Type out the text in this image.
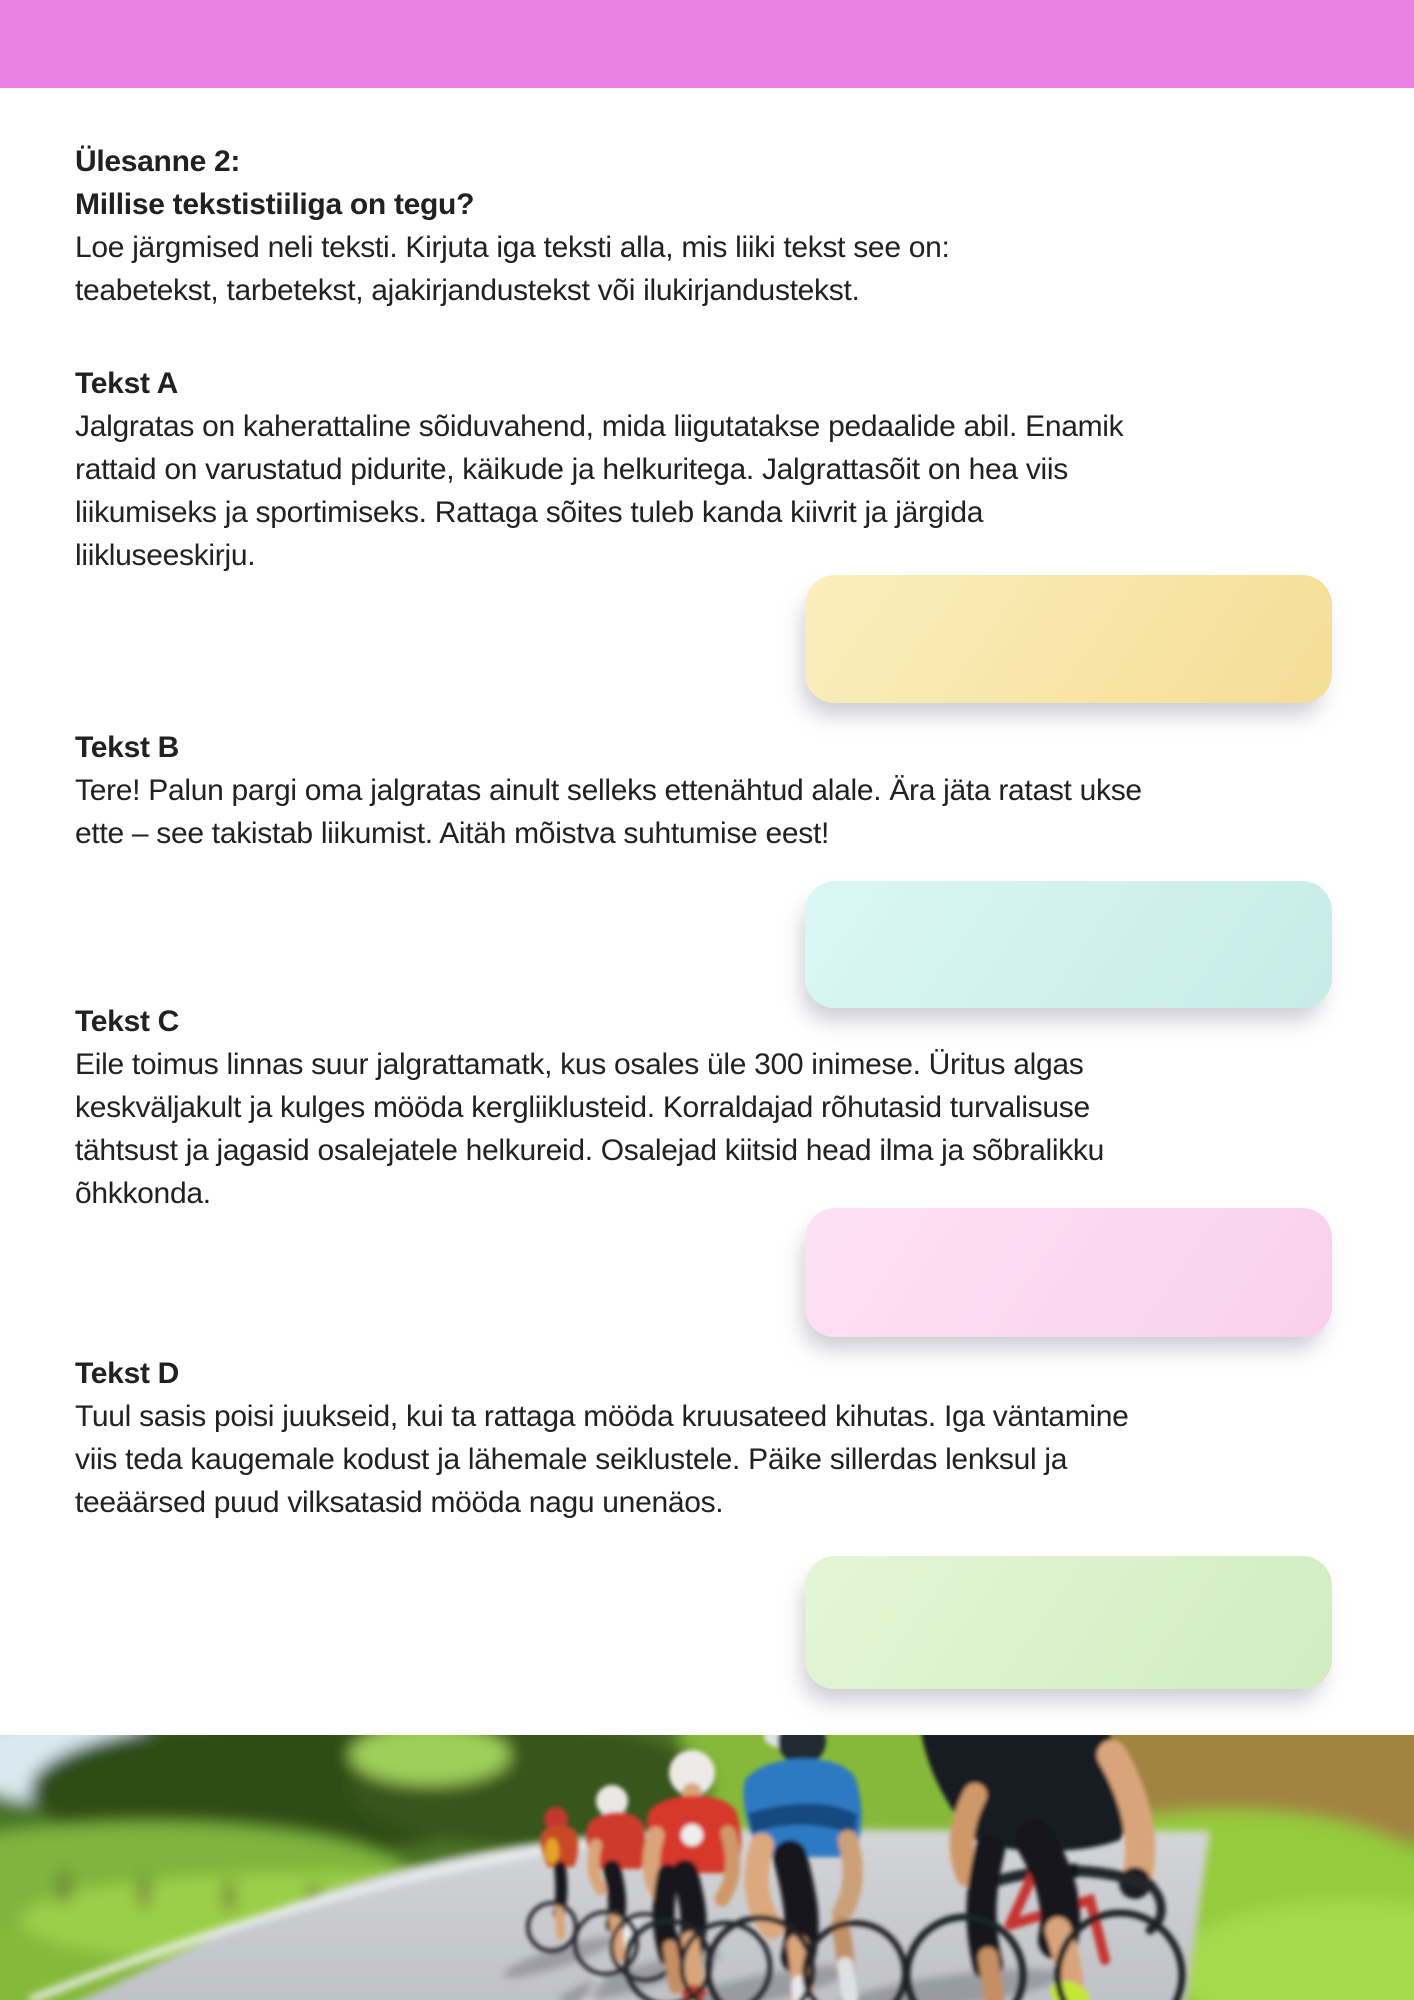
Ülesanne 2:
Millise tekstistiiliga on tegu?
Loe järgmised neli teksti. Kirjuta iga teksti alla, mis liiki tekst see on:
teabetekst, tarbetekst, ajakirjandustekst või ilukirjandustekst.
Tekst A
Jalgratas on kaherattaline sõiduvahend, mida liigutatakse pedaalide abil. Enamik
rattaid on varustatud pidurite, käikude ja helkuritega. Jalgrattasõit on hea viis
liikumiseks ja sportimiseks. Rattaga sõites tuleb kanda kiivrit ja järgida
liikluseeskirju.
Tekst B
Tere! Palun pargi oma jalgratas ainult selleks ettenähtud alale. Ära jäta ratast ukse
ette – see takistab liikumist. Aitäh mõistva suhtumise eest!
Tekst C
Eile toimus linnas suur jalgrattamatk, kus osales üle 300 inimese. Üritus algas
keskväljakult ja kulges mööda kergliiklusteid. Korraldajad rõhutasid turvalisuse
tähtsust ja jagasid osalejatele helkureid. Osalejad kiitsid head ilma ja sõbralikku
õhkkonda.
Tekst D
Tuul sasis poisi juukseid, kui ta rattaga mööda kruusateed kihutas. Iga väntamine
viis teda kaugemale kodust ja lähemale seiklustele. Päike sillerdas lenksul ja
teeäärsed puud vilksatasid mööda nagu unenäos.
